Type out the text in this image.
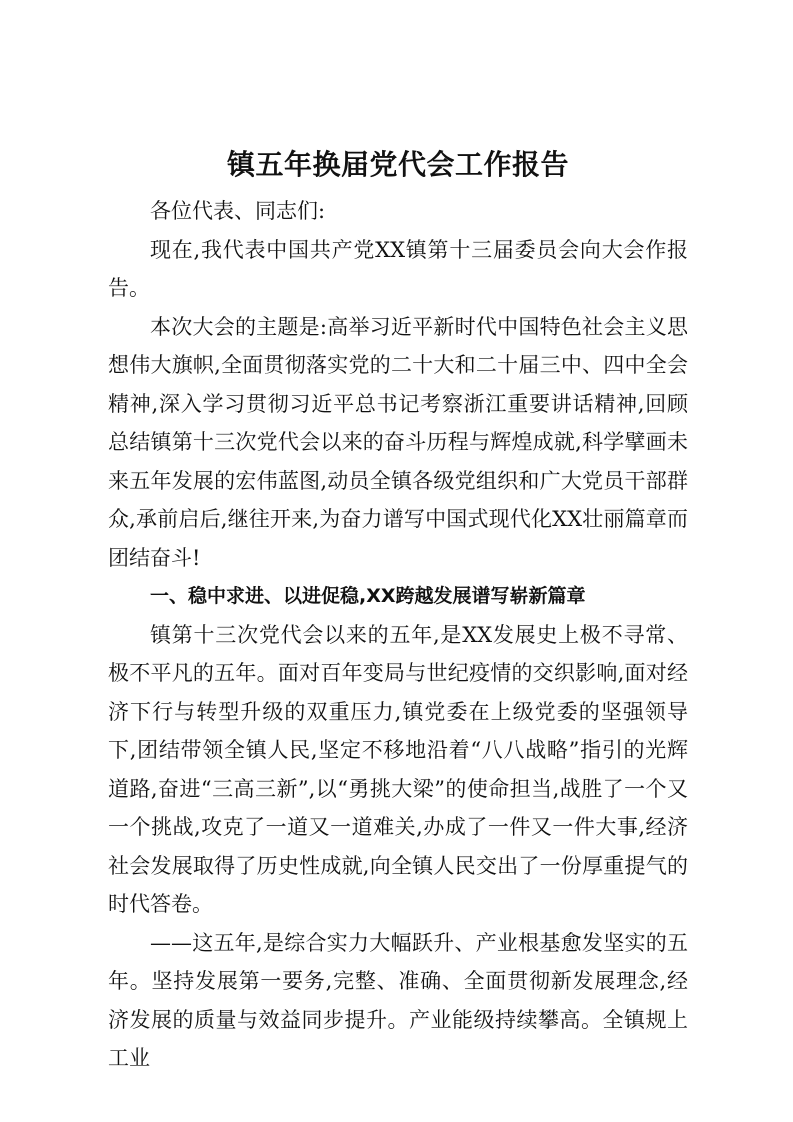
镇五年换届党代会工作报告

各位代表、同志们:

现在,我代表中国共产党XX镇第十三届委员会向大会作报告。

本次大会的主题是:高举习近平新时代中国特色社会主义思想伟大旗帜,全面贯彻落实党的二十大和二十届三中、四中全会精神,深入学习贯彻习近平总书记考察浙江重要讲话精神,回顾总结镇第十三次党代会以来的奋斗历程与辉煌成就,科学擘画未来五年发展的宏伟蓝图,动员全镇各级党组织和广大党员干部群众,承前启后,继往开来,为奋力谱写中国式现代化XX壮丽篇章而团结奋斗!

一、稳中求进、以进促稳,XX跨越发展谱写崭新篇章

镇第十三次党代会以来的五年,是XX发展史上极不寻常、极不平凡的五年。面对百年变局与世纪疫情的交织影响,面对经济下行与转型升级的双重压力,镇党委在上级党委的坚强领导下,团结带领全镇人民,坚定不移地沿着“八八战略”指引的光辉道路,奋进“三高三新”,以“勇挑大梁”的使命担当,战胜了一个又一个挑战,攻克了一道又一道难关,办成了一件又一件大事,经济社会发展取得了历史性成就,向全镇人民交出了一份厚重提气的时代答卷。

——这五年,是综合实力大幅跃升、产业根基愈发坚实的五年。坚持发展第一要务,完整、准确、全面贯彻新发展理念,经济发展的质量与效益同步提升。产业能级持续攀高。全镇规上工业
